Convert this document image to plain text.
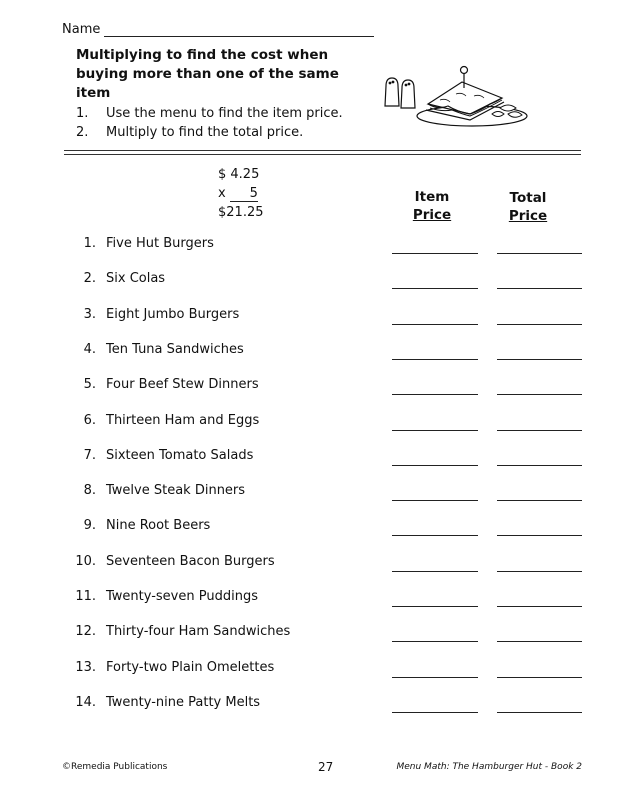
Name
Multiplying to find the cost when
buying more than one of the same item
1. Use the menu to find the item price.
2. Multiply to find the total price.
$ 4.25
x 5
$21.25
Item
Price
Total
Price
1. Five Hut Burgers
2. Six Colas
3. Eight Jumbo Burgers
4. Ten Tuna Sandwiches
5. Four Beef Stew Dinners
6. Thirteen Ham and Eggs
7. Sixteen Tomato Salads
8. Twelve Steak Dinners
9. Nine Root Beers
10. Seventeen Bacon Burgers
11. Twenty-seven Puddings
12. Thirty-four Ham Sandwiches
13. Forty-two Plain Omelettes
14. Twenty-nine Patty Melts
©Remedia Publications	27	Menu Math: The Hamburger Hut - Book 2
